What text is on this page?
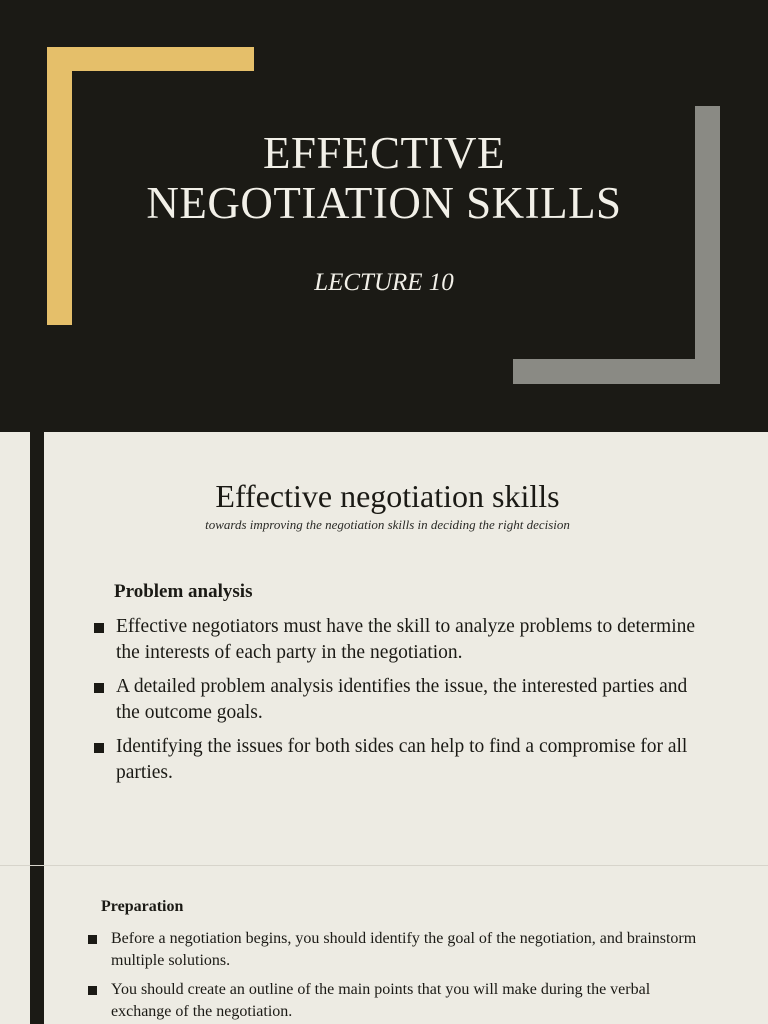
EFFECTIVE
NEGOTIATION SKILLS
LECTURE 10
Effective negotiation skills
towards improving the negotiation skills in deciding the right decision
Problem analysis
Effective negotiators must have the skill to analyze problems to determine the interests of each party in the negotiation.
A detailed problem analysis identifies the issue, the interested parties and the outcome goals.
Identifying the issues for both sides can help to find a compromise for all parties.
Preparation
Before a negotiation begins, you should identify the goal of the negotiation, and brainstorm multiple solutions.
You should create an outline of the main points that you will make during the verbal exchange of the negotiation.
